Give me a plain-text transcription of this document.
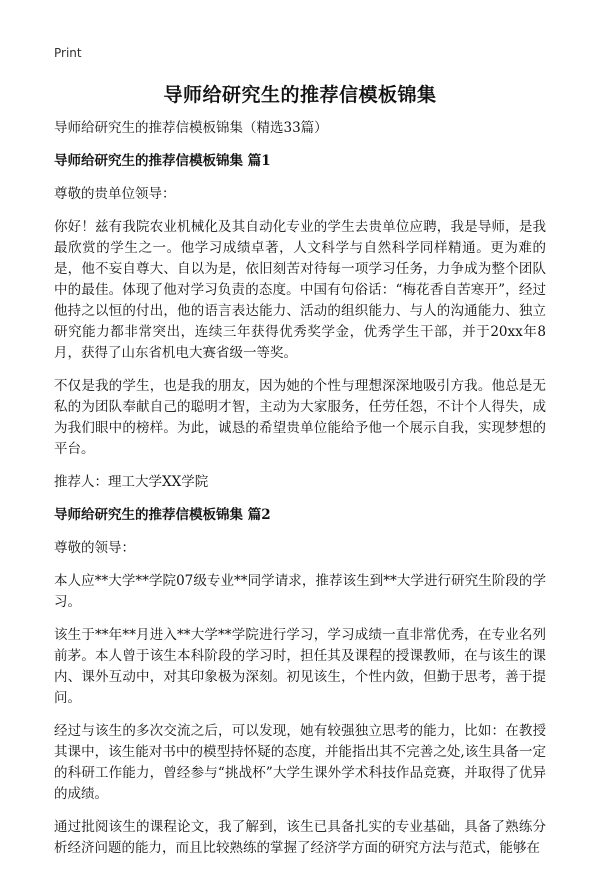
Print
导师给研究生的推荐信模板锦集

导师给研究生的推荐信模板锦集（精选33篇）

导师给研究生的推荐信模板锦集 篇1

尊敬的贵单位领导：

你好！兹有我院农业机械化及其自动化专业的学生去贵单位应聘，我是导师，是我最欣赏的学生之一。他学习成绩卓著，人文科学与自然科学同样精通。更为难的是，他不妄自尊大、自以为是，依旧刻苦对待每一项学习任务，力争成为整个团队中的最佳。体现了他对学习负责的态度。中国有句俗话：“梅花香自苦寒开”，经过他持之以恒的付出，他的语言表达能力、活动的组织能力、与人的沟通能力、独立研究能力都非常突出，连续三年获得优秀奖学金，优秀学生干部，并于20xx年8月，获得了山东省机电大赛省级一等奖。

不仅是我的学生，也是我的朋友，因为她的个性与理想深深地吸引方我。他总是无私的为团队奉献自己的聪明才智，主动为大家服务，任劳任怨，不计个人得失，成为我们眼中的榜样。为此，诚恳的希望贵单位能给予他一个展示自我，实现梦想的平台。

推荐人：理工大学XX学院

导师给研究生的推荐信模板锦集 篇2

尊敬的领导：

本人应**大学**学院07级专业**同学请求，推荐该生到**大学进行研究生阶段的学习。

该生于**年**月进入**大学**学院进行学习，学习成绩一直非常优秀，在专业名列前茅。本人曾于该生本科阶段的学习时，担任其及课程的授课教师，在与该生的课内、课外互动中，对其印象极为深刻。初见该生，个性内敛，但勤于思考，善于提问。

经过与该生的多次交流之后，可以发现，她有较强独立思考的能力，比如：在教授其课中，该生能对书中的模型持怀疑的态度，并能指出其不完善之处,该生具备一定的科研工作能力，曾经参与“挑战杯”大学生课外学术科技作品竞赛，并取得了优异的成绩。

通过批阅该生的课程论文，我了解到，该生已具备扎实的专业基础，具备了熟练分析经济问题的能力，而且比较熟练的掌握了经济学方面的研究方法与范式，能够在
